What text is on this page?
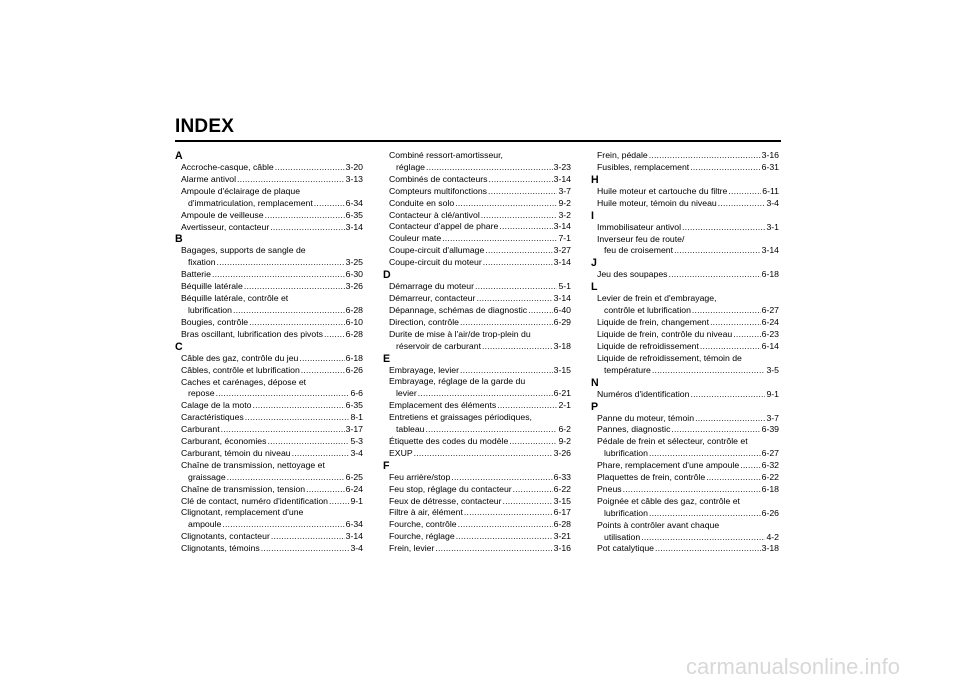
INDEX
A
Accroche-casque, câble .....	3-20
Alarme antivol .....	3-13
Ampoule d'éclairage de plaque
d'immatriculation, remplacement .....	6-34
Ampoule de veilleuse .....	6-35
Avertisseur, contacteur .....	3-14
B
Bagages, supports de sangle de
fixation .....	3-25
Batterie .....	6-30
Béquille latérale .....	3-26
Béquille latérale, contrôle et
lubrification .....	6-28
Bougies, contrôle .....	6-10
Bras oscillant, lubrification des pivots .....	6-28
C
Câble des gaz, contrôle du jeu .....	6-18
Câbles, contrôle et lubrification .....	6-26
Caches et carénages, dépose et
repose .....	6-6
Calage de la moto .....	6-35
Caractéristiques .....	8-1
Carburant .....	3-17
Carburant, économies .....	5-3
Carburant, témoin du niveau .....	3-4
Chaîne de transmission, nettoyage et
graissage .....	6-25
Chaîne de transmission, tension .....	6-24
Clé de contact, numéro d'identification .....	9-1
Clignotant, remplacement d'une
ampoule .....	6-34
Clignotants, contacteur .....	3-14
Clignotants, témoins .....	3-4
Combiné ressort-amortisseur,
réglage .....	3-23
Combinés de contacteurs .....	3-14
Compteurs multifonctions .....	3-7
Conduite en solo .....	9-2
Contacteur à clé/antivol .....	3-2
Contacteur d'appel de phare .....	3-14
Couleur mate .....	7-1
Coupe-circuit d'allumage .....	3-27
Coupe-circuit du moteur .....	3-14
D
Démarrage du moteur .....	5-1
Démarreur, contacteur .....	3-14
Dépannage, schémas de diagnostic .....	6-40
Direction, contrôle .....	6-29
Durite de mise à l'air/de trop-plein du
réservoir de carburant .....	3-18
E
Embrayage, levier .....	3-15
Embrayage, réglage de la garde du
levier .....	6-21
Emplacement des éléments .....	2-1
Entretiens et graissages périodiques,
tableau .....	6-2
Étiquette des codes du modèle .....	9-2
EXUP .....	3-26
F
Feu arrière/stop .....	6-33
Feu stop, réglage du contacteur .....	6-22
Feux de détresse, contacteur .....	3-15
Filtre à air, élément .....	6-17
Fourche, contrôle .....	6-28
Fourche, réglage .....	3-21
Frein, levier .....	3-16
Frein, pédale .....	3-16
Fusibles, remplacement .....	6-31
H
Huile moteur et cartouche du filtre .....	6-11
Huile moteur, témoin du niveau .....	3-4
I
Immobilisateur antivol .....	3-1
Inverseur feu de route/
feu de croisement .....	3-14
J
Jeu des soupapes .....	6-18
L
Levier de frein et d'embrayage,
contrôle et lubrification .....	6-27
Liquide de frein, changement .....	6-24
Liquide de frein, contrôle du niveau .....	6-23
Liquide de refroidissement .....	6-14
Liquide de refroidissement, témoin de
température .....	3-5
N
Numéros d'identification .....	9-1
P
Panne du moteur, témoin .....	3-7
Pannes, diagnostic .....	6-39
Pédale de frein et sélecteur, contrôle et
lubrification .....	6-27
Phare, remplacement d'une ampoule .....	6-32
Plaquettes de frein, contrôle .....	6-22
Pneus .....	6-18
Poignée et câble des gaz, contrôle et
lubrification .....	6-26
Points à contrôler avant chaque
utilisation .....	4-2
Pot catalytique .....	3-18
carmanualsonline.info
